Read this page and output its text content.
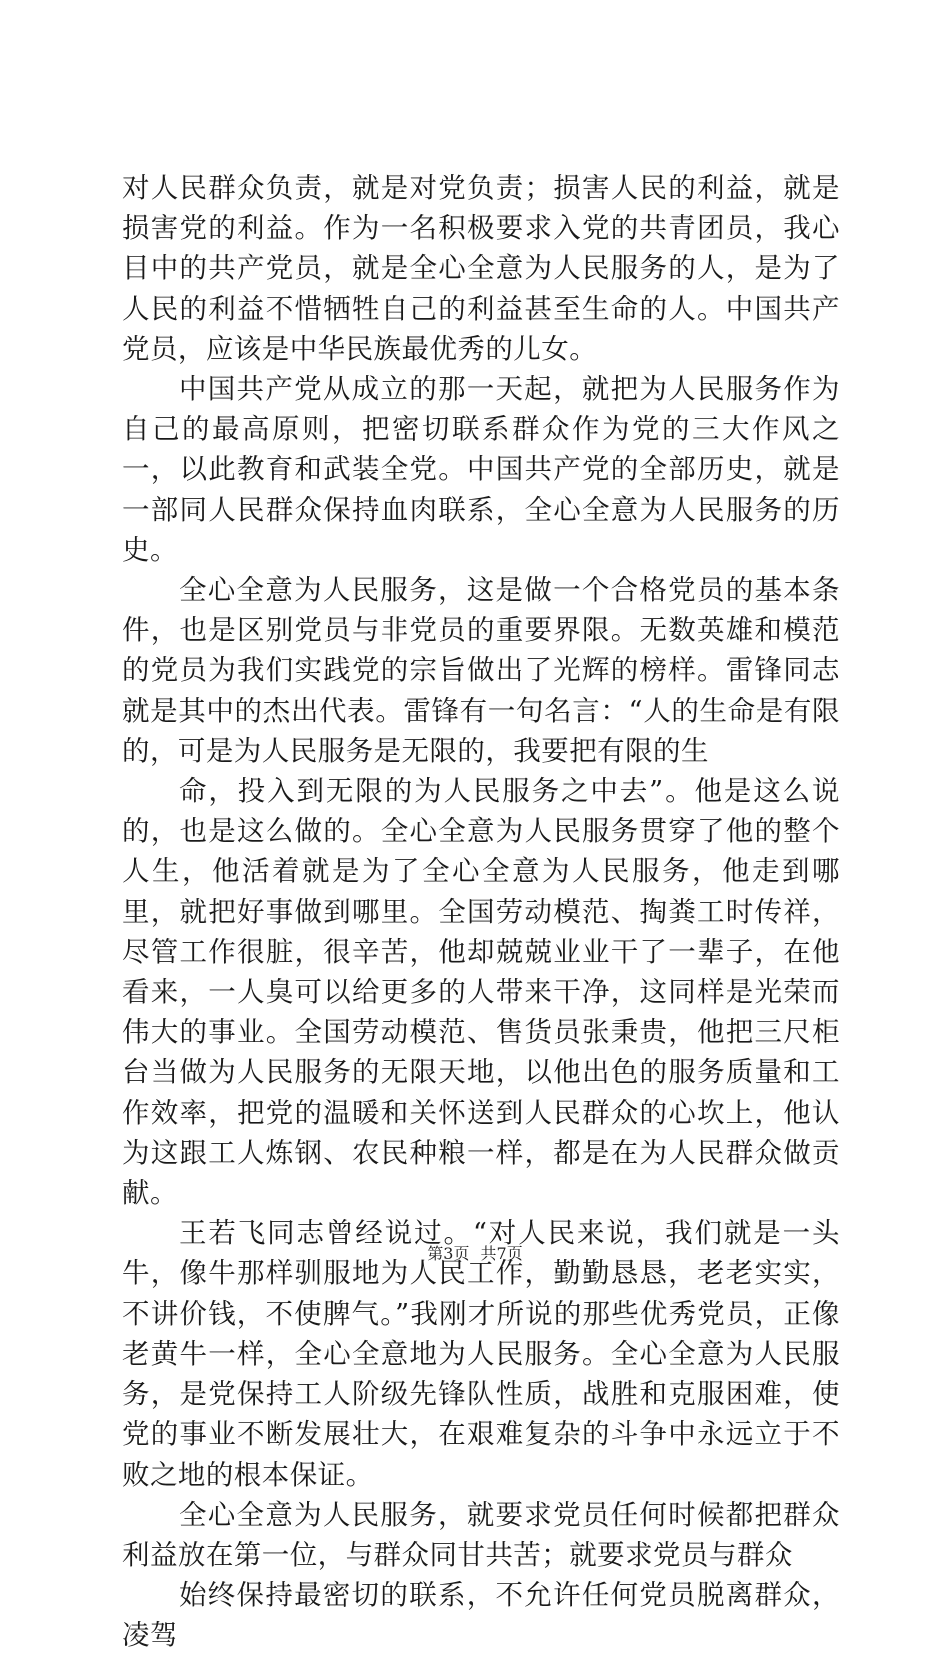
对人民群众负责，就是对党负责；损害人民的利益，就是损害党的利益。作为一名积极要求入党的共青团员，我心目中的共产党员，就是全心全意为人民服务的人，是为了人民的利益不惜牺牲自己的利益甚至生命的人。中国共产党员，应该是中华民族最优秀的儿女。

中国共产党从成立的那一天起，就把为人民服务作为自己的最高原则，把密切联系群众作为党的三大作风之一，以此教育和武装全党。中国共产党的全部历史，就是一部同人民群众保持血肉联系，全心全意为人民服务的历史。

全心全意为人民服务，这是做一个合格党员的基本条件，也是区别党员与非党员的重要界限。无数英雄和模范的党员为我们实践党的宗旨做出了光辉的榜样。雷锋同志就是其中的杰出代表。雷锋有一句名言：“人的生命是有限的，可是为人民服务是无限的，我要把有限的生

命，投入到无限的为人民服务之中去”。他是这么说的，也是这么做的。全心全意为人民服务贯穿了他的整个人生，他活着就是为了全心全意为人民服务，他走到哪里，就把好事做到哪里。全国劳动模范、掏粪工时传祥，尽管工作很脏，很辛苦，他却兢兢业业干了一辈子，在他看来，一人臭可以给更多的人带来干净，这同样是光荣而伟大的事业。全国劳动模范、售货员张秉贵，他把三尺柜台当做为人民服务的无限天地，以他出色的服务质量和工作效率，把党的温暖和关怀送到人民群众的心坎上，他认为这跟工人炼钢、农民种粮一样，都是在为人民群众做贡献。

王若飞同志曾经说过。“对人民来说，我们就是一头牛，像牛那样驯服地为人民工作，勤勤恳恳，老老实实，不讲价钱，不使脾气。”我刚才所说的那些优秀党员，正像老黄牛一样，全心全意地为人民服务。全心全意为人民服务，是党保持工人阶级先锋队性质，战胜和克服困难，使党的事业不断发展壮大，在艰难复杂的斗争中永远立于不败之地的根本保证。

全心全意为人民服务，就要求党员任何时候都把群众利益放在第一位，与群众同甘共苦；就要求党员与群众

始终保持最密切的联系，不允许任何党员脱离群众，凌驾

第3页 共7页
